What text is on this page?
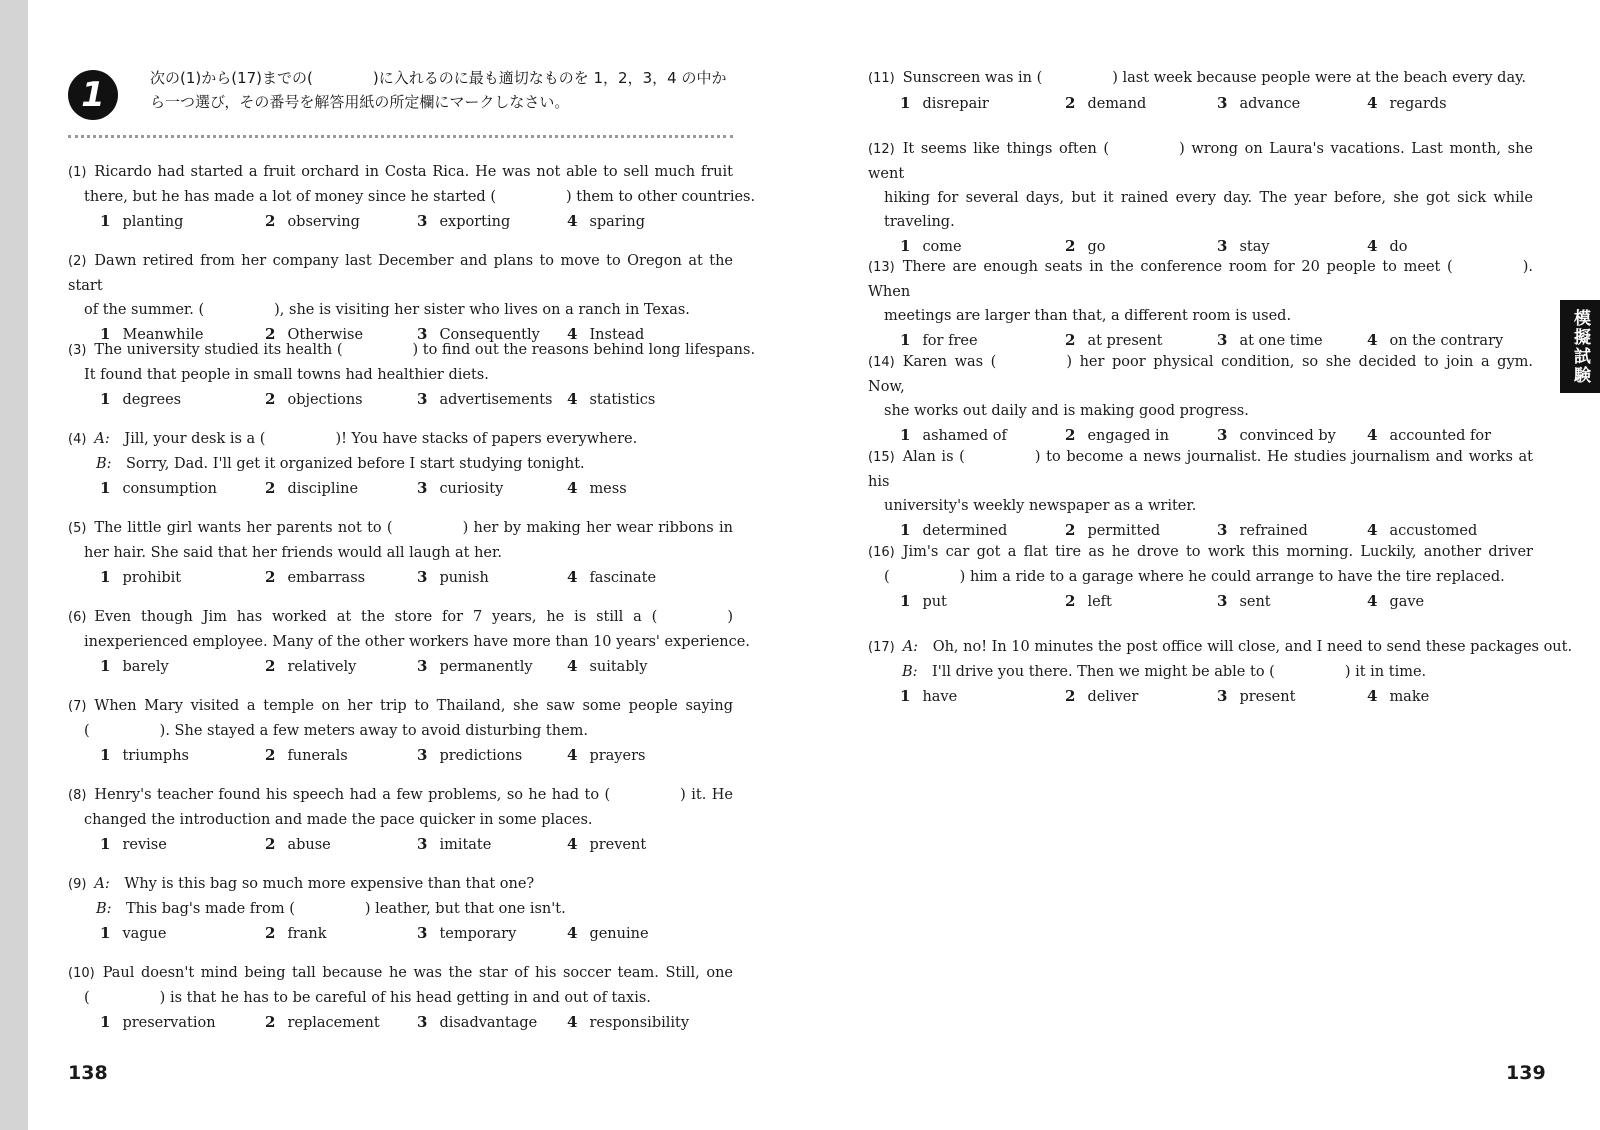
1	次の(1)から(17)までの(　　　　)に入れるのに最も適切なものを 1，2，3，4 の中か
ら一つ選び，その番号を解答用紙の所定欄にマークしなさい。
(1) Ricardo had started a fruit orchard in Costa Rica. He was not able to sell much fruit
there, but he has made a lot of money since he started (	) them to other countries.
1 planting	2 observing	3 exporting	4 sparing
(2) Dawn retired from her company last December and plans to move to Oregon at the start
of the summer. (	), she is visiting her sister who lives on a ranch in Texas.
1 Meanwhile	2 Otherwise	3 Consequently 4 Instead
(3) The university studied its health (	) to find out the reasons behind long lifespans.
It found that people in small towns had healthier diets.
1 degrees	2 objections	3 advertisements 4 statistics
(4) A: Jill, your desk is a (	)! You have stacks of papers everywhere.
B: Sorry, Dad. I'll get it organized before I start studying tonight.
1 consumption	2 discipline	3 curiosity	4 mess
(5) The little girl wants her parents not to (	) her by making her wear ribbons in
her hair. She said that her friends would all laugh at her.
1 prohibit	2 embarrass	3 punish	4 fascinate
(6) Even though Jim has worked at the store for 7 years, he is still a (	)
inexperienced employee. Many of the other workers have more than 10 years' experience.
1 barely	2 relatively	3 permanently 4 suitably
(7) When Mary visited a temple on her trip to Thailand, she saw some people saying
(	). She stayed a few meters away to avoid disturbing them.
1 triumphs	2 funerals	3 predictions	4 prayers
(8) Henry's teacher found his speech had a few problems, so he had to (	) it. He
changed the introduction and made the pace quicker in some places.
1 revise	2 abuse	3 imitate	4 prevent
(9) A: Why is this bag so much more expensive than that one?
B: This bag's made from (	) leather, but that one isn't.
1 vague	2 frank	3 temporary	4 genuine
(10) Paul doesn't mind being tall because he was the star of his soccer team. Still, one
(	) is that he has to be careful of his head getting in and out of taxis.
1 preservation	2 replacement 3 disadvantage 4 responsibility
(11) Sunscreen was in (	) last week because people were at the beach every day.
1 disrepair	2 demand	3 advance	4 regards
(12) It seems like things often (	) wrong on Laura's vacations. Last month, she went
hiking for several days, but it rained every day. The year before, she got sick while
traveling.
1 come	2 go	3 stay	4 do
(13) There are enough seats in the conference room for 20 people to meet (	). When
meetings are larger than that, a different room is used.
1 for free	2 at present	3 at one time	4 on the contrary
(14) Karen was (	) her poor physical condition, so she decided to join a gym. Now,
she works out daily and is making good progress.
1 ashamed of	2 engaged in	3 convinced by 4 accounted for
(15) Alan is (	) to become a news journalist. He studies journalism and works at his
university's weekly newspaper as a writer.
1 determined	2 permitted	3 refrained	4 accustomed
(16) Jim's car got a flat tire as he drove to work this morning. Luckily, another driver
(	) him a ride to a garage where he could arrange to have the tire replaced.
1 put	2 left	3 sent	4 gave
(17) A: Oh, no! In 10 minutes the post office will close, and I need to send these packages out.
B: I'll drive you there. Then we might be able to (	) it in time.
1 have	2 deliver	3 present	4 make
模擬試験
138	139
